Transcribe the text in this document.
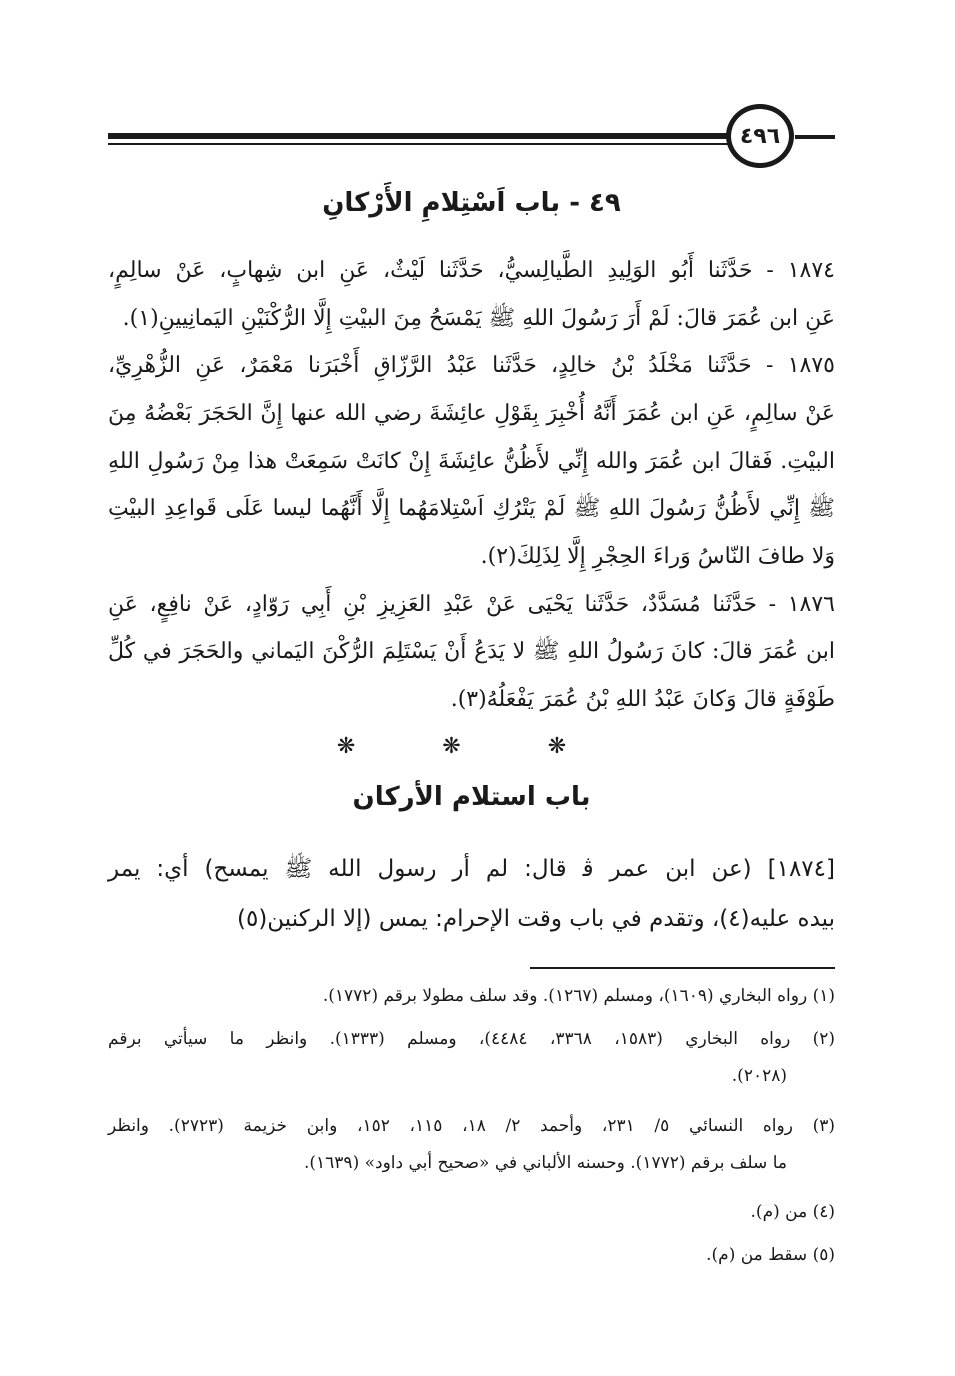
٤٩٦
٤٩ - باب اَسْتِلامِ الأَرْكانِ
١٨٧٤ - حَدَّثَنا أَبُو الوَلِيدِ الطَّيالِسيُّ، حَدَّثَنا لَيْثٌ، عَنِ ابن شِهابٍ، عَنْ سالِمٍ،
عَنِ ابن عُمَرَ قالَ: لَمْ أَرَ رَسُولَ اللهِ ﷺ يَمْسَحُ مِنَ البيْتِ إِلَّا الرُّكْنَيْنِ اليَمانِيينِ(١).
١٨٧٥ - حَدَّثَنا مَخْلَدُ بْنُ خالِدٍ، حَدَّثَنا عَبْدُ الرَّزّاقِ أَخْبَرَنا مَعْمَرٌ، عَنِ الزُّهْرِيِّ،
عَنْ سالِمٍ، عَنِ ابن عُمَرَ أَنَّهُ أُخْبِرَ بِقَوْلِ عائِشَةَ رضي الله عنها إِنَّ الحَجَرَ بَعْضُهُ مِنَ
البيْتِ. فَقالَ ابن عُمَرَ والله إِنِّي لأَظُنُّ عائِشَةَ إِنْ كانَتْ سَمِعَتْ هذا مِنْ رَسُولِ اللهِ
ﷺ إِنِّي لأَظُنُّ رَسُولَ اللهِ ﷺ لَمْ يَتْرُكِ اَسْتِلامَهُما إِلَّا أَنَّهُما ليسا عَلَى قَواعِدِ البيْتِ
وَلا طافَ النّاسُ وَراءَ الحِجْرِ إِلَّا لِذَلِكَ(٢).
١٨٧٦ - حَدَّثَنا مُسَدَّدٌ، حَدَّثَنا يَحْيَى عَنْ عَبْدِ العَزِيزِ بْنِ أَبِي رَوّادٍ، عَنْ نافِعٍ، عَنِ
ابن عُمَرَ قالَ: كانَ رَسُولُ اللهِ ﷺ لا يَدَعُ أَنْ يَسْتَلِمَ الرُّكْنَ اليَماني والحَجَرَ في كُلِّ
طَوْفَةٍ قالَ وَكانَ عَبْدُ اللهِ بْنُ عُمَرَ يَفْعَلُهُ(٣).
❋ ❋ ❋
باب استلام الأركان
[١٨٧٤] (عن ابن عمر ﭬ قال: لم أر رسول الله ﷺ يمسح) أي: يمر
بيده عليه(٤)، وتقدم في باب وقت الإحرام: يمس (إلا الركنين(٥)
(١) رواه البخاري (١٦٠٩)، ومسلم (١٢٦٧). وقد سلف مطولا برقم (١٧٧٢).
(٢) رواه البخاري (١٥٨٣، ٣٣٦٨، ٤٤٨٤)، ومسلم (١٣٣٣). وانظر ما سيأتي برقم
(٢٠٢٨).
(٣) رواه النسائي ٥/ ٢٣١، وأحمد ٢/ ١٨، ١١٥، ١٥٢، وابن خزيمة (٢٧٢٣). وانظر
ما سلف برقم (١٧٧٢). وحسنه الألباني في «صحيح أبي داود» (١٦٣٩).
(٤) من (م).
(٥) سقط من (م).
